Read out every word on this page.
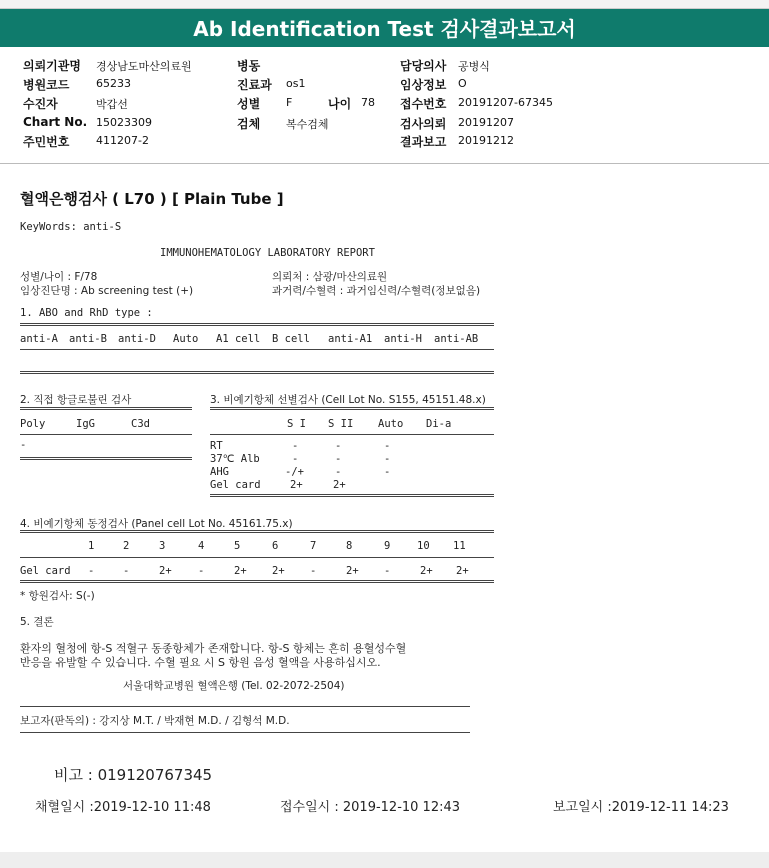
Ab Identification Test 검사결과보고서
의뢰기관명 경상남도마산의료원
병원코드 65233
수진자	박갑선
Chart No. 15023309
주민번호 411207-2
병동
진료과 os1
성별 F	나이 78
검체 복수검체
담당의사 공병식
임상정보 O
접수번호 20191207-67345
검사의뢰 20191207
결과보고 20191212
혈액은행검사 ( L70 ) [ Plain Tube ]
KeyWords: anti-S
IMMUNOHEMATOLOGY LABORATORY REPORT
성별/나이 : F/78
임상진단명 : Ab screening test (+)
의뢰처 : 삼광/마산의료원
과거력/수혈력 : 과거임신력/수혈력(정보없음)
1. ABO and RhD type :
anti-A anti-B anti-D Auto A1 cell B cell anti-A1 anti-H anti-AB
2. 직접 항글로불린 검사
Poly	IgG	C3d
-
3. 비예기항체 선별검사 (Cell Lot No. S155, 45151.48.x)
S I S II Auto Di-a
RT	-	-	-
37℃ Alb	-	-	-
AHG	-/+	-	-
Gel card	2+	2+
4. 비예기항체 동정검사 (Panel cell Lot No. 45161.75.x)
1	2	3	4	5	6	7	8	9	10 11
Gel card -	-	2+	-	2+ 2+ -	2+ -	2+ 2+
* 항원검사: S(-)
5. 결론
환자의 혈청에 항-S 적혈구 동종항체가 존재합니다. 항-S 항체는 흔히 용혈성수혈
반응을 유발할 수 있습니다. 수혈 필요 시 S 항원 음성 혈액을 사용하십시오.
서울대학교병원 혈액은행 (Tel. 02-2072-2504)
보고자(판독의) : 강지상 M.T. / 박재현 M.D. / 김형석 M.D.
비고 : 019120767345
채혈일시 :2019-12-10 11:48	접수일시 : 2019-12-10 12:43	보고일시 :2019-12-11 14:23
